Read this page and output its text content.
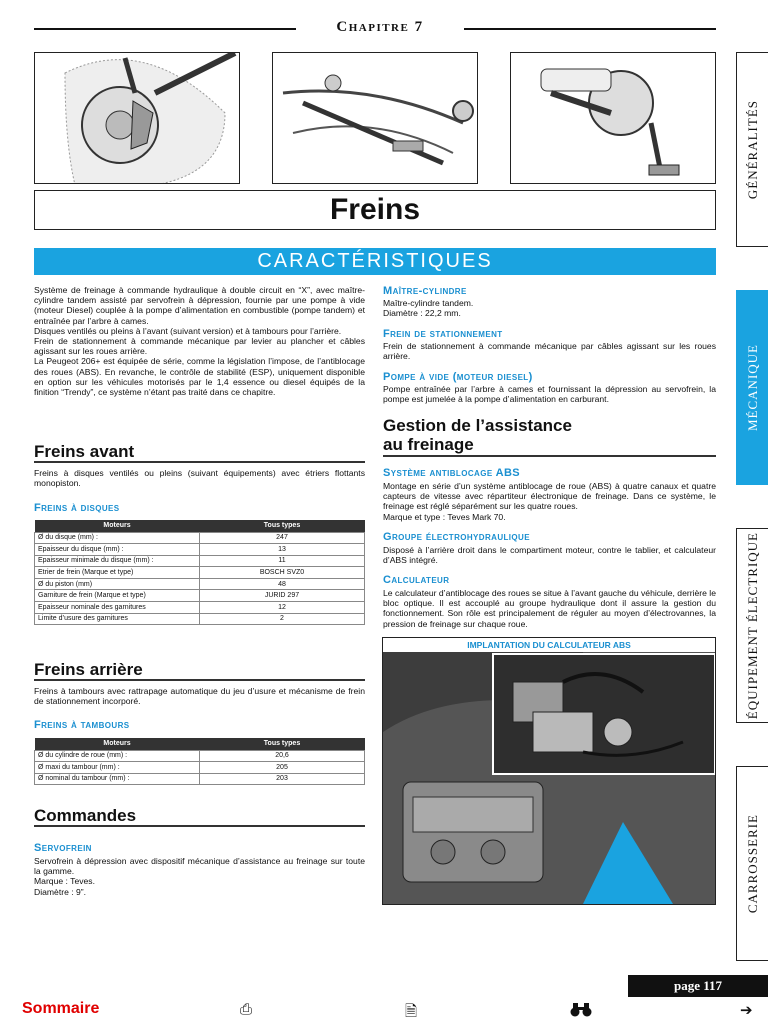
Chapitre 7
Freins
CARACTÉRISTIQUES
Système de freinage à commande hydraulique à double circuit en “X”, avec maître-cylindre tandem assisté par servofrein à dépression, fournie par une pompe à vide (moteur Diesel) couplée à la pompe d’alimentation en combustible (pompe tandem) et entraînée par l’arbre à cames.
Disques ventilés ou pleins à l’avant (suivant version) et à tambours pour l’arrière.
Frein de stationnement à commande mécanique par levier au plancher et câbles agissant sur les roues arrière.
La Peugeot 206+ est équipée de série, comme la législation l’impose, de l’antiblocage des roues (ABS). En revanche, le contrôle de stabilité (ESP), uniquement disponible en option sur les véhicules motorisés par le 1,4 essence ou diesel équipés de la finition “Trendy”, ce système n’étant pas traité dans ce chapitre.
Freins avant
Freins à disques ventilés ou pleins (suivant équipements) avec étriers flottants monopiston.
Freins à disques
Moteurs	Tous types
Ø du disque (mm) :	247
Epaisseur du disque (mm) :	13
Epaisseur minimale du disque (mm) :	11
Etrier de frein (Marque et type)	BOSCH SVZ0
Ø du piston (mm)	48
Garniture de frein (Marque et type)	JURID 297
Epaisseur nominale des garnitures	12
Limite d’usure des garnitures	2
Freins arrière
Freins à tambours avec rattrapage automatique du jeu d’usure et mécanisme de frein de stationnement incorporé.
Freins à tambours
Moteurs	Tous types
Ø du cylindre de roue (mm) :	20,6
Ø maxi du tambour (mm) :	205
Ø nominal du tambour (mm) :	203
Commandes
Servofrein
Servofrein à dépression avec dispositif mécanique d’assistance au freinage sur toute la gamme.
Marque : Teves.
Diamètre : 9”.
Maître-cylindre
Maître-cylindre tandem.
Diamètre : 22,2 mm.
Frein de stationnement
Frein de stationnement à commande mécanique par câbles agissant sur les roues arrière.
Pompe à vide (moteur diesel)
Pompe entraînée par l’arbre à cames et fournissant la dépression au servofrein, la pompe est jumelée à la pompe d’alimentation en carburant.
Gestion de l’assistance
au freinage
Système antiblocage ABS
Montage en série d’un système antiblocage de roue (ABS) à quatre canaux et quatre capteurs de vitesse avec répartiteur électronique de freinage. Dans ce système, le freinage est réglé séparément sur les quatre roues.
Marque et type : Teves Mark 70.
Groupe électrohydraulique
Disposé à l’arrière droit dans le compartiment moteur, contre le tablier, et calculateur d’ABS intégré.
Calculateur
Le calculateur d’antiblocage des roues se situe à l’avant gauche du véhicule, derrière le bloc optique. Il est accouplé au groupe hydraulique dont il assure la gestion du fonctionnement. Son rôle est principalement de réguler au moyen d’électrovannes, la pression de freinage sur chaque roue.
IMPLANTATION DU CALCULATEUR ABS
GÉNÉRALITÉS
MÉCANIQUE
ÉQUIPEMENT ÉLECTRIQUE
CARROSSERIE
page 117
Sommaire	⎙	🗎	➔
